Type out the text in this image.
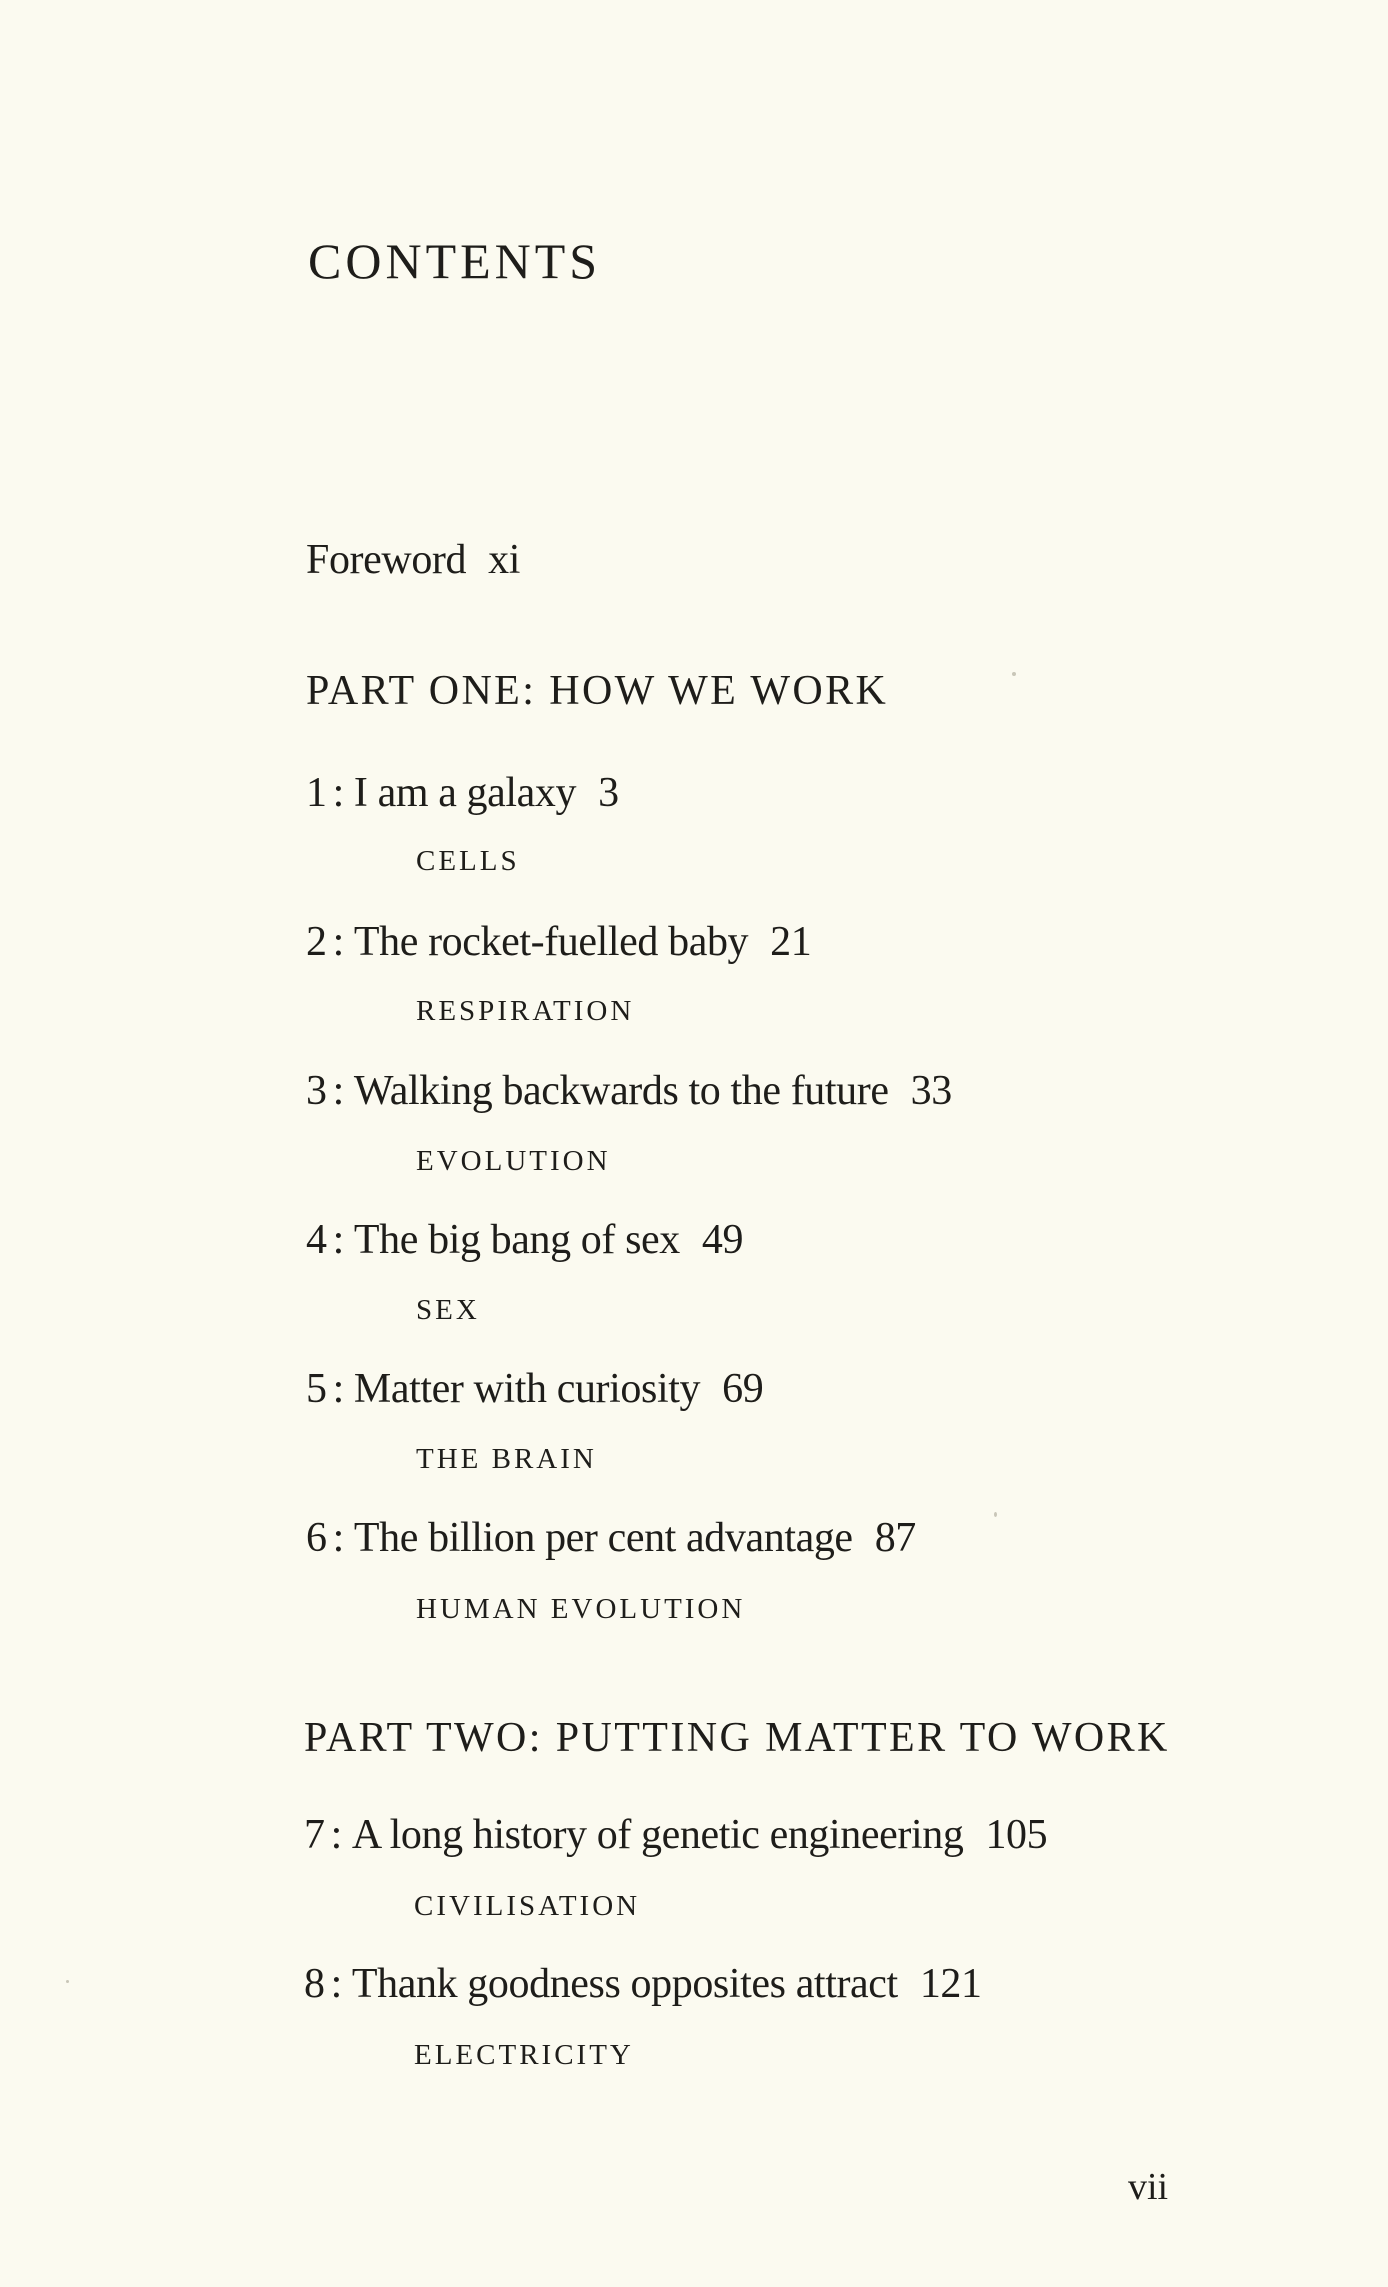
CONTENTS
Foreword xi
PART ONE: HOW WE WORK
1 : I am a galaxy 3
CELLS
2 : The rocket-fuelled baby 21
RESPIRATION
3 : Walking backwards to the future 33
EVOLUTION
4 : The big bang of sex 49
SEX
5 : Matter with curiosity 69
THE BRAIN
6 : The billion per cent advantage 87
HUMAN EVOLUTION
PART TWO: PUTTING MATTER TO WORK
7 : A long history of genetic engineering 105
CIVILISATION
8 : Thank goodness opposites attract 121
ELECTRICITY
vii
